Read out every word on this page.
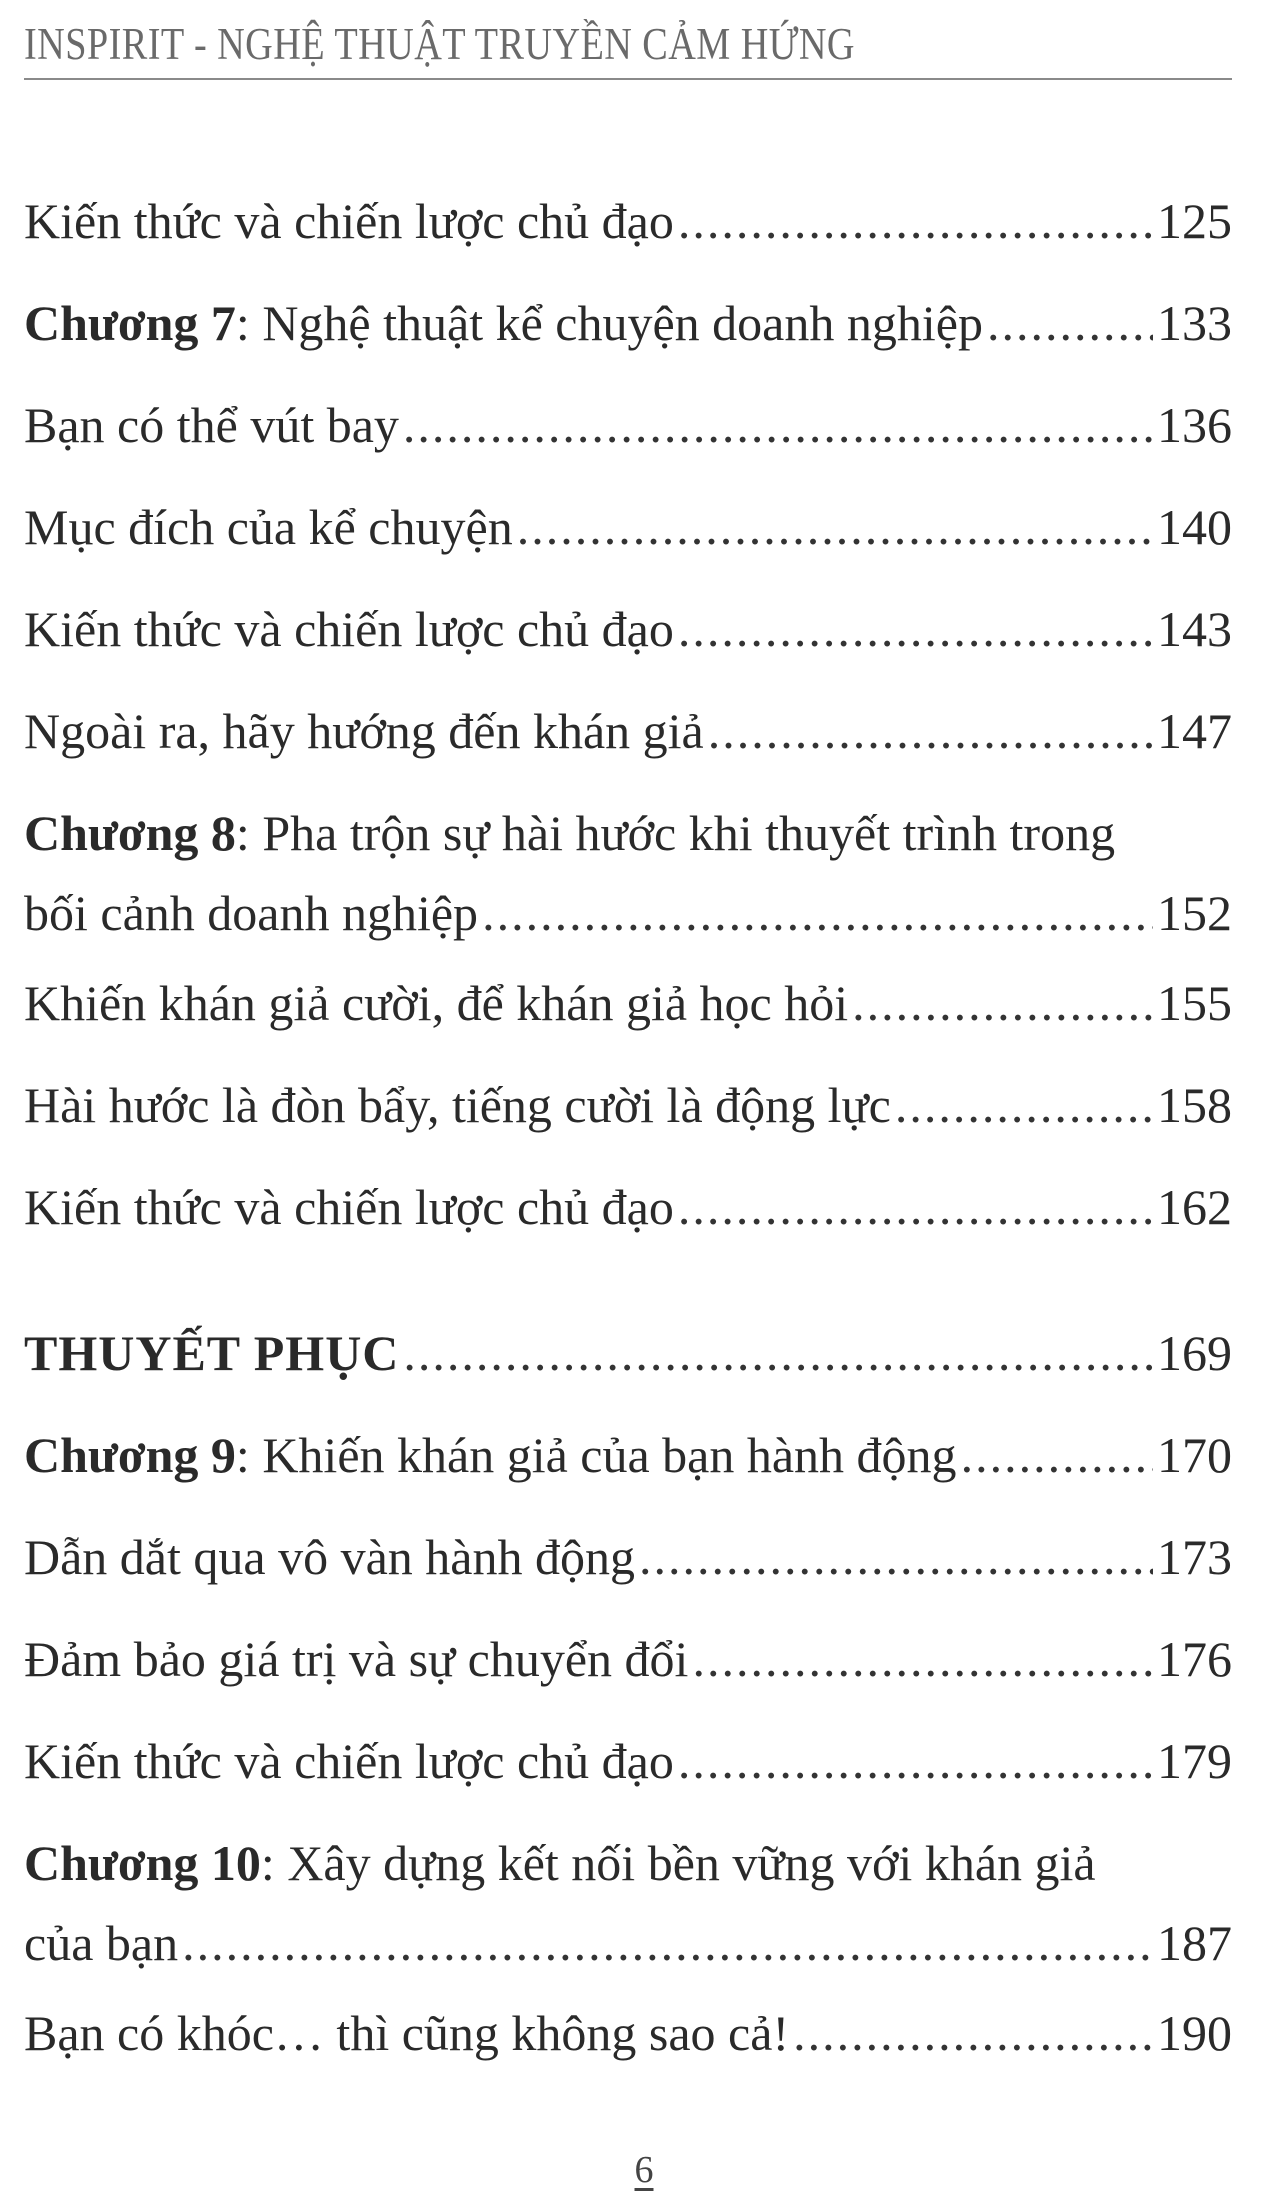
INSPIRIT - NGHỆ THUẬT TRUYỀN CẢM HỨNG
Kiến thức và chiến lược chủ đạo .....	125
Chương 7: Nghệ thuật kể chuyện doanh nghiệp .....	133
Bạn có thể vút bay .....	136
Mục đích của kể chuyện .....	140
Kiến thức và chiến lược chủ đạo .....	143
Ngoài ra, hãy hướng đến khán giả .....	147
Chương 8: Pha trộn sự hài hước khi thuyết trình trong
bối cảnh doanh nghiệp .....	152
Khiến khán giả cười, để khán giả học hỏi .....	155
Hài hước là đòn bẩy, tiếng cười là động lực .....	158
Kiến thức và chiến lược chủ đạo .....	162
THUYẾT PHỤC .....	169
Chương 9: Khiến khán giả của bạn hành động .....	170
Dẫn dắt qua vô vàn hành động .....	173
Đảm bảo giá trị và sự chuyển đổi .....	176
Kiến thức và chiến lược chủ đạo .....	179
Chương 10: Xây dựng kết nối bền vững với khán giả
của bạn .....	187
Bạn có khóc… thì cũng không sao cả! .....	190
6
